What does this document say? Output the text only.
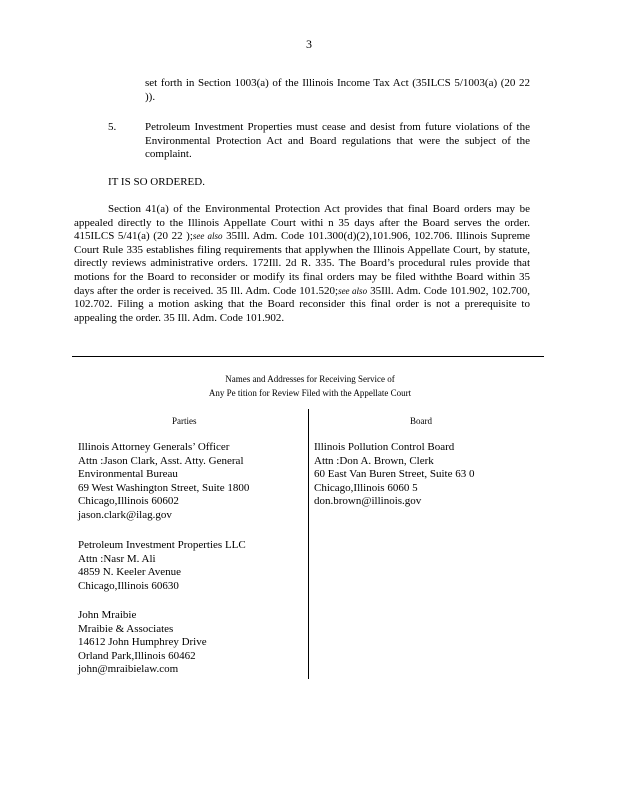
3
set forth in Section 1003(a) of the Illinois Income Tax Act (35ILCS 5/1003(a) (20 22 )).
5.	Petroleum Investment Properties must cease and desist from future violations of the Environmental Protection Act and Board regulations that were the subject of the complaint.
IT IS SO ORDERED.
Section 41(a) of the Environmental Protection Act provides that final Board orders may be appealed directly to the Illinois Appellate Court withi n 35 days after the Board serves the order. 415ILCS 5/41(a) (20 22 );see also 35Ill. Adm. Code 101.300(d)(2),101.906, 102.706. Illinois Supreme Court Rule 335 establishes filing requirements that applywhen the Illinois Appellate Court, by statute, directly reviews administrative orders. 172Ill. 2d R. 335. The Board’s procedural rules provide that motions for the Board to reconsider or modify its final orders may be filed withthe Board within 35 days after the order is received. 35 Ill. Adm. Code 101.520;see also 35Ill. Adm. Code 101.902, 102.700, 102.702. Filing a motion asking that the Board reconsider this final order is not a prerequisite to appealing the order. 35 Ill. Adm. Code 101.902.
Names and Addresses for Receiving Service of
Any Pe tition for Review Filed with the Appellate Court
Parties	Board
Illinois Attorney Generals’ Officer
Attn :Jason Clark, Asst. Atty. General
Environmental Bureau
69 West Washington Street, Suite 1800
Chicago,Illinois 60602
jason.clark@ilag.gov
Petroleum Investment Properties LLC
Attn :Nasr M. Ali
4859 N. Keeler Avenue
Chicago,Illinois 60630
John Mraibie
Mraibie & Associates
14612 John Humphrey Drive
Orland Park,Illinois 60462
john@mraibielaw.com
Illinois Pollution Control Board
Attn :Don A. Brown, Clerk
60 East Van Buren Street, Suite 63 0
Chicago,Illinois 6060 5
don.brown@illinois.gov
